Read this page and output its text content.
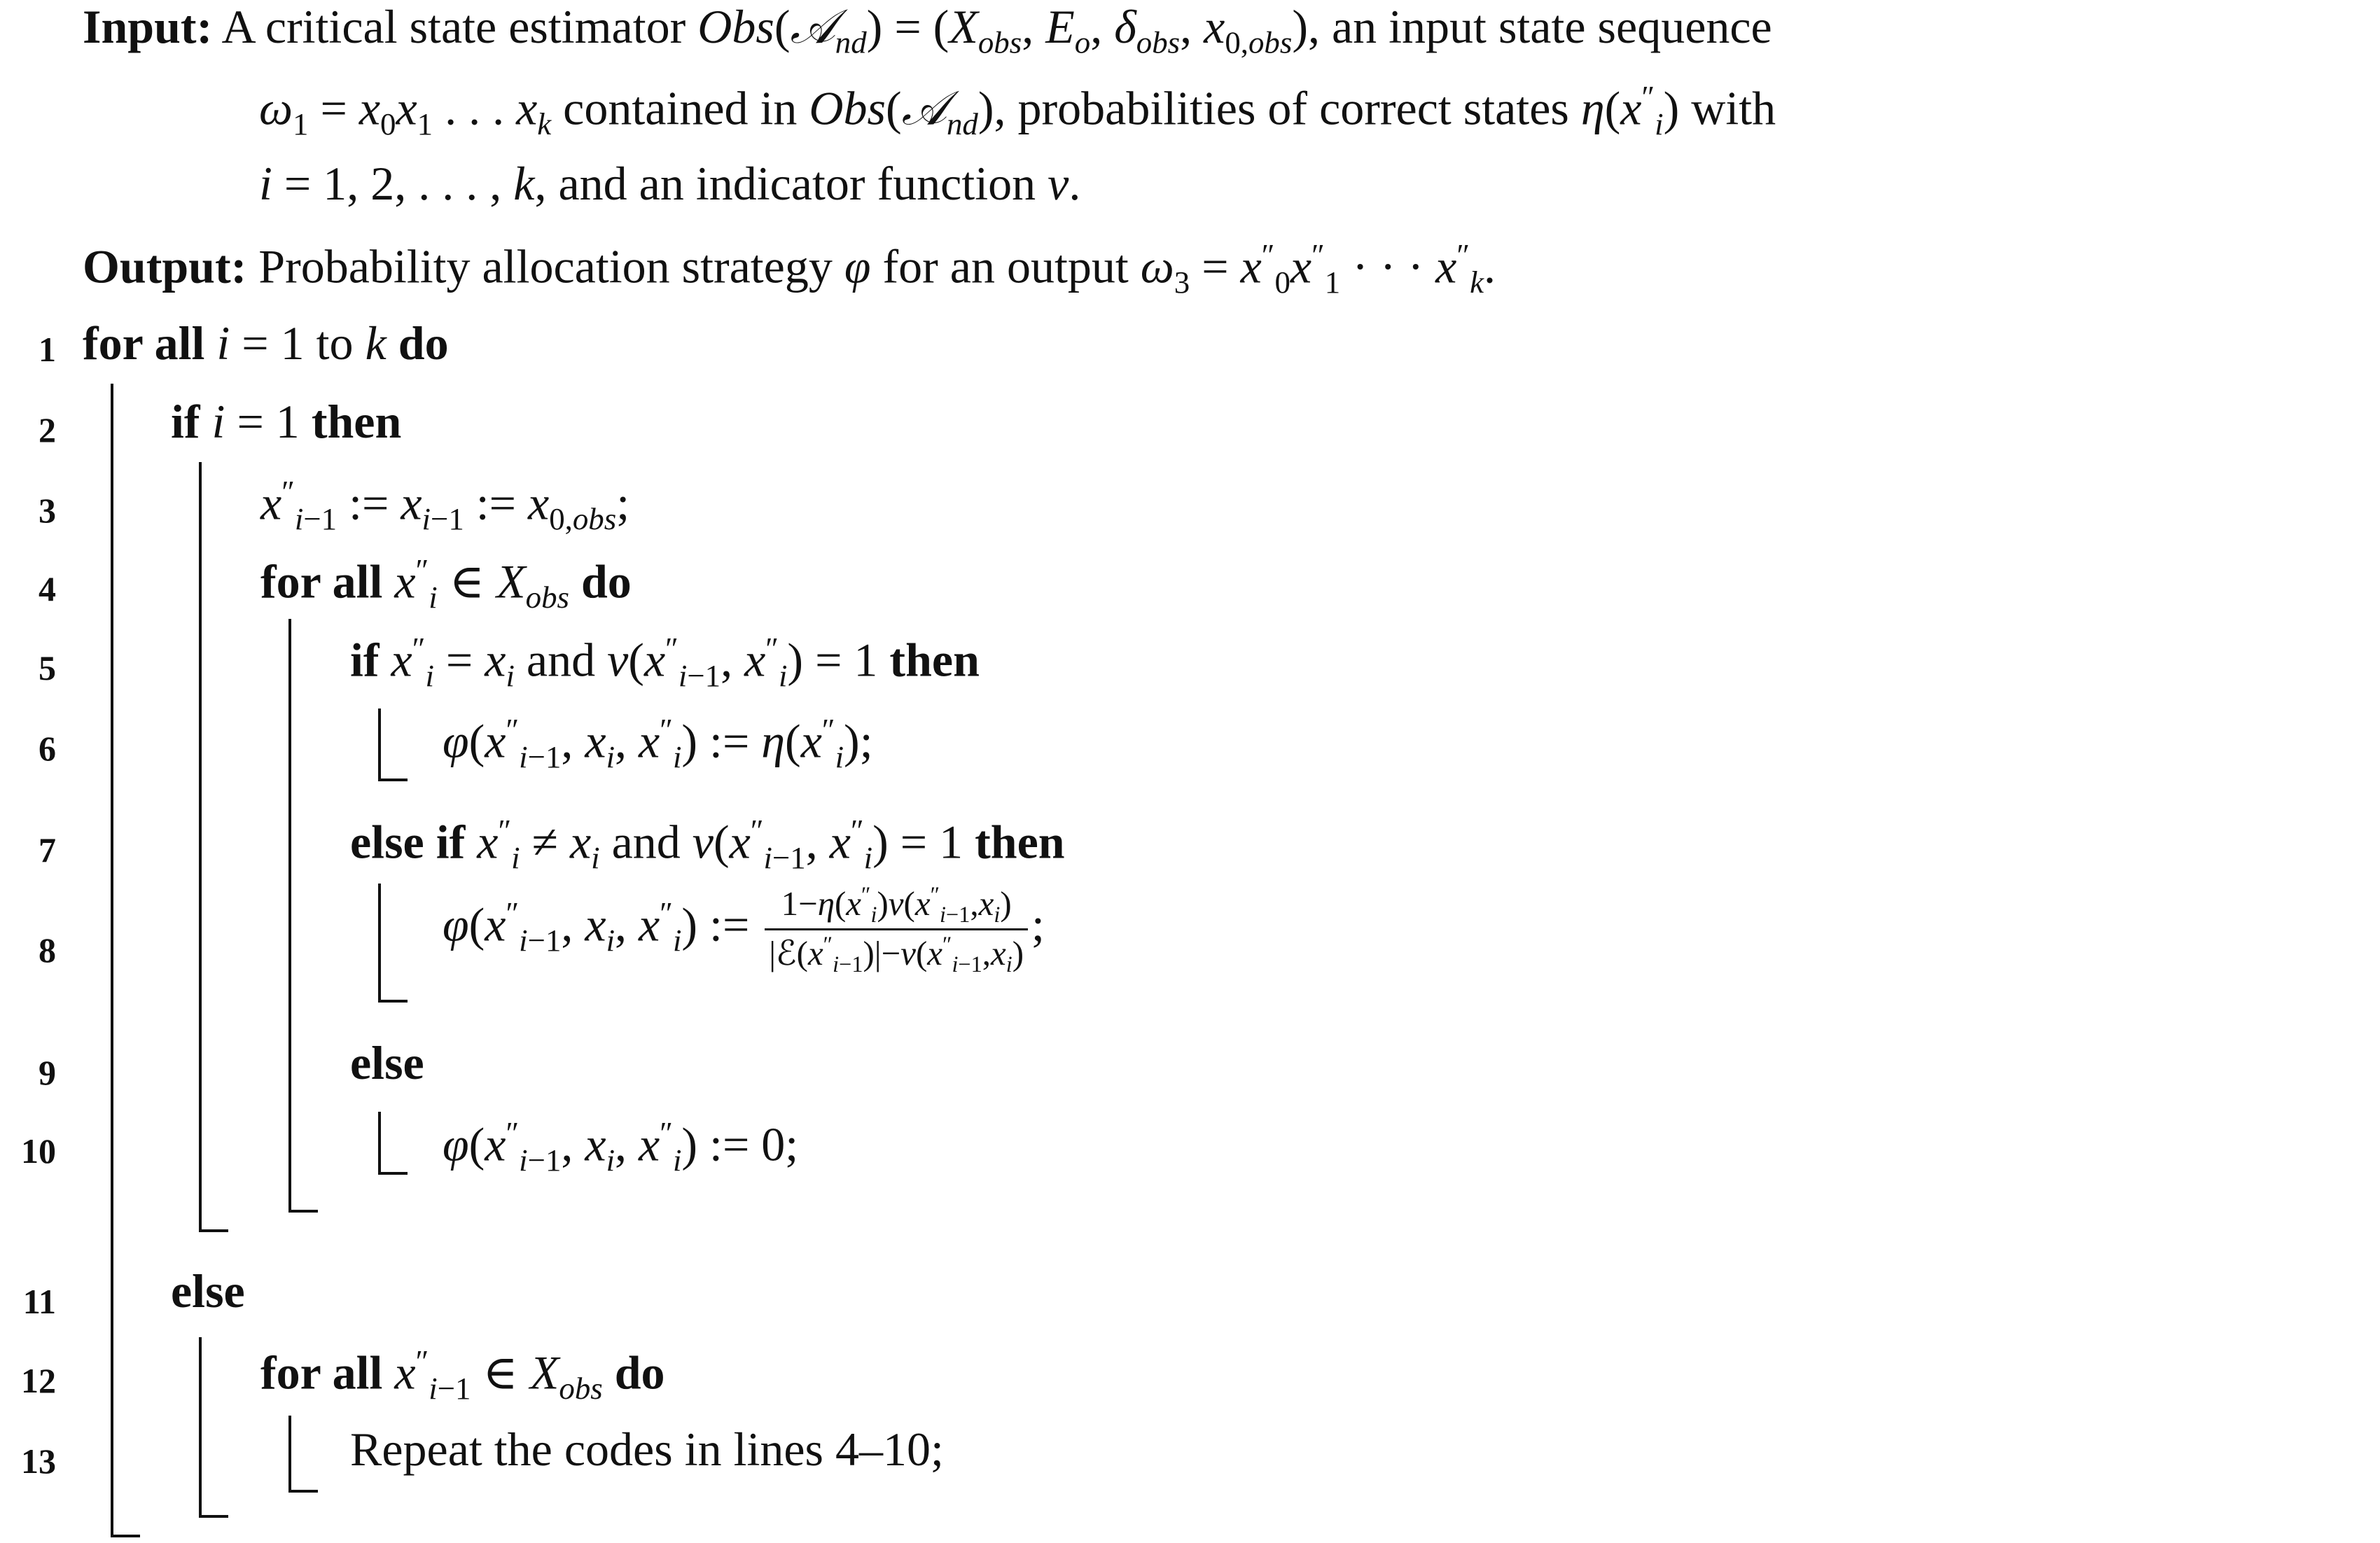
Input: A critical state estimator Obs(𝒜$_{nd}$) = ($X_{obs}$, $E_o$, $\delta_{obs}$, $x_{0,obs}$), an input state sequence
$\omega_1 = x_0x_1$ . . . $x_k$ contained in Obs(𝒜$_{nd}$), probabilities of correct states $\eta(x''_i)$ with
i = 1, 2, . . . , k, and an indicator function ν.
Output: Probability allocation strategy φ for an output $\omega_3 = x''_0x''_1$ · · · $x''_k$.
1
2
3
4
5
6
7
8
9
10
11
12
13
for all i = 1 to k do
if i = 1 then
$x''_{i-1}$ := $x_{i-1}$ := $x_{0,obs}$;
for all $x''_i$ ∈ $X_{obs}$ do
if $x''_i = x_i$ and $\nu(x''_{i-1}$, $x''_i) = 1$ then
$\varphi(x''_{i-1}$, $x_i$, $x''_i$) := $\eta(x''_i)$;
else if $x''_i \ne x_i$ and $\nu(x''_{i-1}$, $x''_i) = 1$ then
$\varphi(x''_{i-1}$, $x_i$, $x''_i$) := $\frac{1-\eta(x''_i)\nu(x''_{i-1},x_i)}{|ℰ(x''_{i-1})|-\nu(x''_{i-1},x_i)}$ ;
else
$\varphi(x''_{i-1}$, $x_i$, $x''_i$) := 0;
else
for all $x''_{i-1}$ ∈ $X_{obs}$ do
Repeat the codes in lines 4–10;
